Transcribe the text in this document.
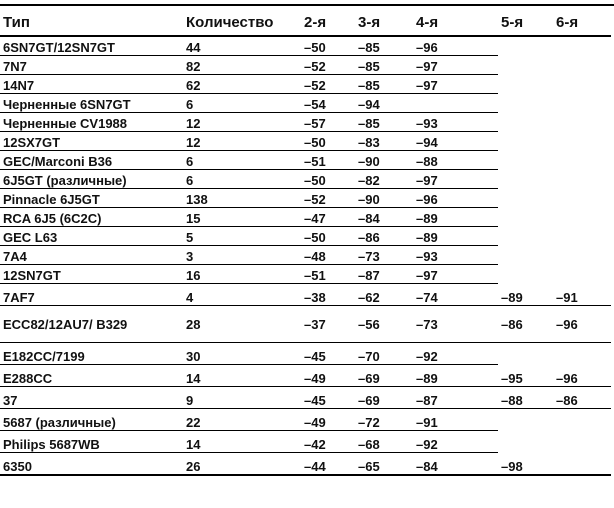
Тип	Количество	2-я	3-я	4-я	5-я	6-я
6SN7GT/12SN7GT	44	–50	–85	–96		
7N7	82	–52	–85	–97		
14N7	62	–52	–85	–97		
Черненные 6SN7GT	6	–54	–94			
Черненные CV1988	12	–57	–85	–93		
12SX7GT	12	–50	–83	–94		
GEC/Marconi B36	6	–51	–90	–88		
6J5GT (различные)	6	–50	–82	–97		
Pinnacle 6J5GT	138	–52	–90	–96		
RCA 6J5 (6C2C)	15	–47	–84	–89		
GEC L63	5	–50	–86	–89		
7A4	3	–48	–73	–93		
12SN7GT	16	–51	–87	–97		
7AF7	4	–38	–62	–74	–89	–91
ECC82/12AU7/ B329	28	–37	–56	–73	–86	–96
E182CC/7199	30	–45	–70	–92		
E288CC	14	–49	–69	–89	–95	–96
37	9	–45	–69	–87	–88	–86
5687 (различные)	22	–49	–72	–91		
Philips 5687WB	14	–42	–68	–92		
6350	26	–44	–65	–84	–98	
